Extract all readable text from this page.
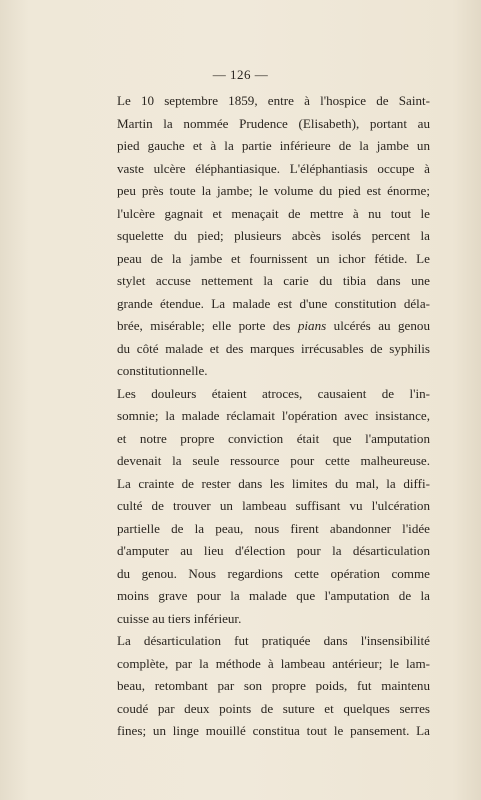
— 126 —
Le 10 septembre 1859, entre à l'hospice de Saint-
Martin la nommée Prudence (Elisabeth), portant au
pied gauche et à la partie inférieure de la jambe un
vaste ulcère éléphantiasique. L'éléphantiasis occupe à
peu près toute la jambe; le volume du pied est énorme;
l'ulcère gagnait et menaçait de mettre à nu tout le
squelette du pied; plusieurs abcès isolés percent la
peau de la jambe et fournissent un ichor fétide. Le
stylet accuse nettement la carie du tibia dans une
grande étendue. La malade est d'une constitution déla-
brée, misérable; elle porte des pians ulcérés au genou
du côté malade et des marques irrécusables de syphilis
constitutionnelle.
Les douleurs étaient atroces, causaient de l'in-
somnie; la malade réclamait l'opération avec insistance,
et notre propre conviction était que l'amputation
devenait la seule ressource pour cette malheureuse.
La crainte de rester dans les limites du mal, la diffi-
culté de trouver un lambeau suffisant vu l'ulcération
partielle de la peau, nous firent abandonner l'idée
d'amputer au lieu d'élection pour la désarticulation
du genou. Nous regardions cette opération comme
moins grave pour la malade que l'amputation de la
cuisse au tiers inférieur.
La désarticulation fut pratiquée dans l'insensibilité
complète, par la méthode à lambeau antérieur; le lam-
beau, retombant par son propre poids, fut maintenu
coudé par deux points de suture et quelques serres
fines; un linge mouillé constitua tout le pansement. La
